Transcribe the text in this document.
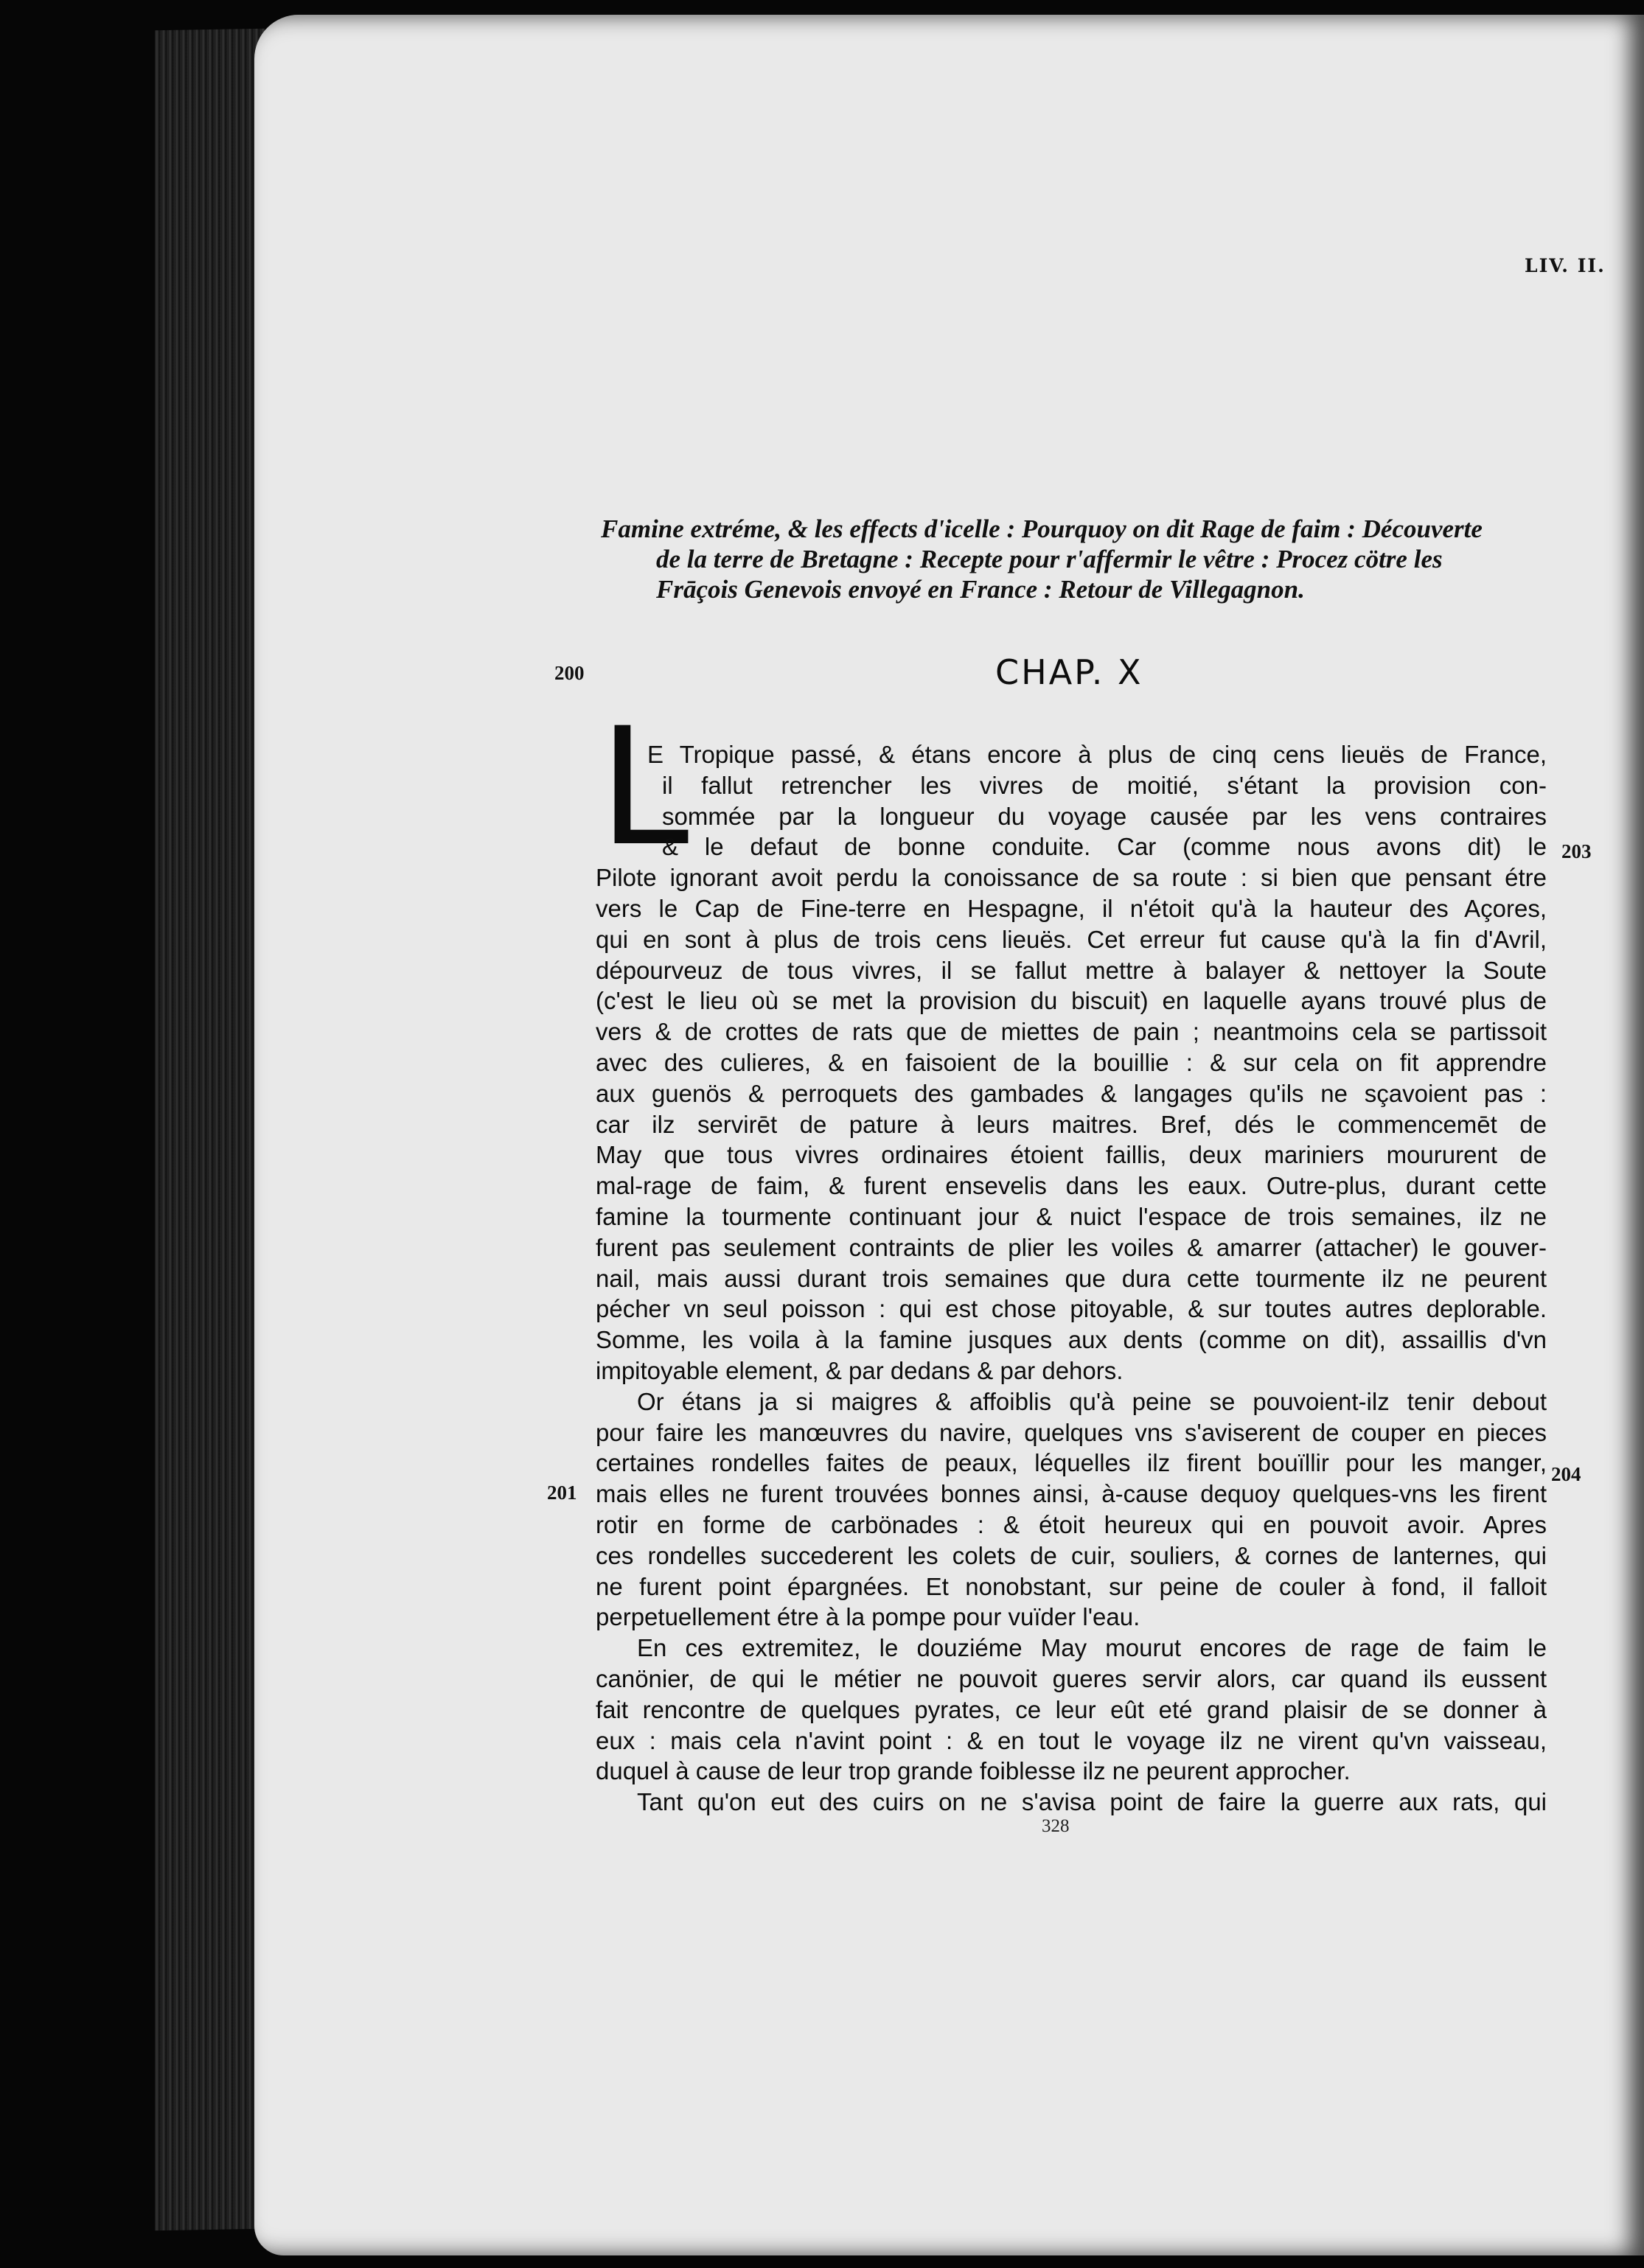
LIV. II.
Famine extréme, & les effects d'icelle : Pourquoy on dit Rage de faim : Découverte
de la terre de Bretagne : Recepte pour r'affermir le vêtre : Procez cötre les
Frāçois Genevois envoyé en France : Retour de Villegagnon.
200	CHAP. X
L	203
201
204
E Tropique passé, & étans encore à plus de cinq cens lieuës de France,
il fallut retrencher les vivres de moitié, s'étant la provision con-
sommée par la longueur du voyage causée par les vens contraires
& le defaut de bonne conduite. Car (comme nous avons dit) le
Pilote ignorant avoit perdu la conoissance de sa route : si bien que pensant étre
vers le Cap de Fine-terre en Hespagne, il n'étoit qu'à la hauteur des Açores,
qui en sont à plus de trois cens lieuës. Cet erreur fut cause qu'à la fin d'Avril,
dépourveuz de tous vivres, il se fallut mettre à balayer & nettoyer la Soute
(c'est le lieu où se met la provision du biscuit) en laquelle ayans trouvé plus de
vers & de crottes de rats que de miettes de pain ; neantmoins cela se partissoit
avec des culieres, & en faisoient de la bouillie : & sur cela on fit apprendre
aux guenös & perroquets des gambades & langages qu'ils ne sçavoient pas :
car ilz servirēt de pature à leurs maitres. Bref, dés le commencemēt de
May que tous vivres ordinaires étoient faillis, deux mariniers moururent de
mal-rage de faim, & furent ensevelis dans les eaux. Outre-plus, durant cette
famine la tourmente continuant jour & nuict l'espace de trois semaines, ilz ne
furent pas seulement contraints de plier les voiles & amarrer (attacher) le gouver-
nail, mais aussi durant trois semaines que dura cette tourmente ilz ne peurent
pécher vn seul poisson : qui est chose pitoyable, & sur toutes autres deplorable.
Somme, les voila à la famine jusques aux dents (comme on dit), assaillis d'vn
impitoyable element, & par dedans & par dehors.
Or étans ja si maigres & affoiblis qu'à peine se pouvoient-ilz tenir debout
pour faire les manœuvres du navire, quelques vns s'aviserent de couper en pieces
certaines rondelles faites de peaux, léquelles ilz firent bouïllir pour les manger,
mais elles ne furent trouvées bonnes ainsi, à-cause dequoy quelques-vns les firent
rotir en forme de carbönades : & étoit heureux qui en pouvoit avoir. Apres
ces rondelles succederent les colets de cuir, souliers, & cornes de lanternes, qui
ne furent point épargnées. Et nonobstant, sur peine de couler à fond, il falloit
perpetuellement étre à la pompe pour vuïder l'eau.
En ces extremitez, le douziéme May mourut encores de rage de faim le
canönier, de qui le métier ne pouvoit gueres servir alors, car quand ils eussent
fait rencontre de quelques pyrates, ce leur eût eté grand plaisir de se donner à
eux : mais cela n'avint point : & en tout le voyage ilz ne virent qu'vn vaisseau,
duquel à cause de leur trop grande foiblesse ilz ne peurent approcher.
Tant qu'on eut des cuirs on ne s'avisa point de faire la guerre aux rats, qui
328
